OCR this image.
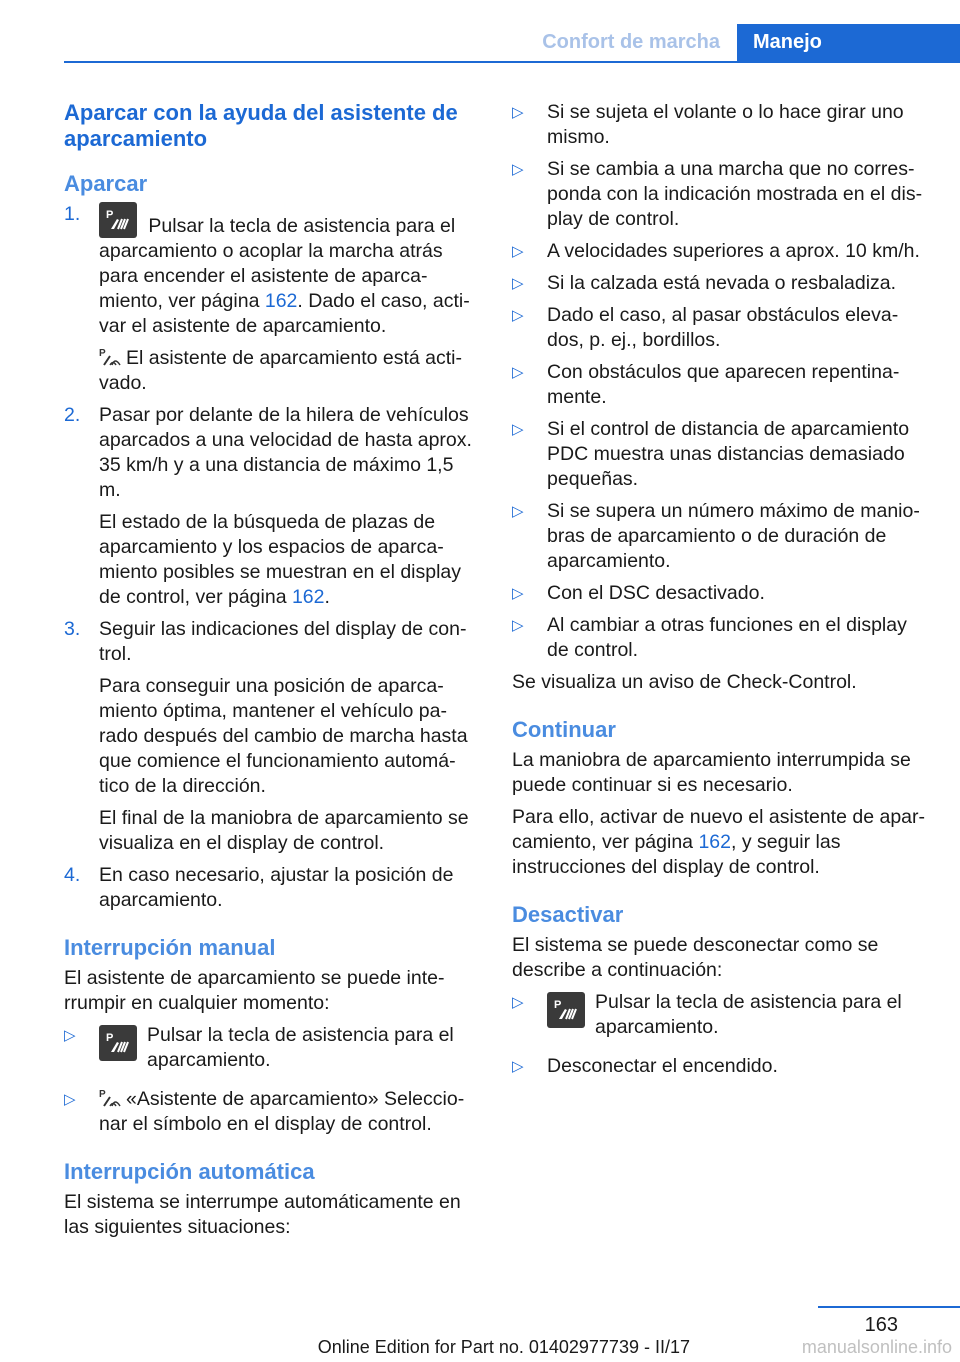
Confort de marcha	Manejo
Aparcar con la ayuda del asistente de aparcamiento
Aparcar
1. P Pulsar la tecla de asistencia para el aparcamiento o acoplar la marcha atrás para encender el asistente de aparca‐miento, ver página 162. Dado el caso, acti‐var el asistente de aparcamiento.

P El asistente de aparcamiento está acti‐vado.

2. Pasar por delante de la hilera de vehículos aparcados a una velocidad de hasta aprox. 35 km/h y a una distancia de máximo 1,5 m.

El estado de la búsqueda de plazas de aparcamiento y los espacios de aparca‐miento posibles se muestran en el display de control, ver página 162.

3. Seguir las indicaciones del display de con‐trol.

Para conseguir una posición de aparca‐miento óptima, mantener el vehículo pa‐rado después del cambio de marcha hasta que comience el funcionamiento automá‐tico de la dirección.

El final de la maniobra de aparcamiento se visualiza en el display de control.

4. En caso necesario, ajustar la posición de aparcamiento.

Interrupción manual

El asistente de aparcamiento se puede inte‐rrumpir en cualquier momento:

▷	P	Pulsar la tecla de asistencia para el aparcamiento.

▷ P «Asistente de aparcamiento» Seleccio‐nar el símbolo en el display de control.

Interrupción automática

El sistema se interrumpe automáticamente en las siguientes situaciones:

▷ Si se sujeta el volante o lo hace girar uno mismo.

▷ Si se cambia a una marcha que no corres‐ponda con la indicación mostrada en el dis‐play de control.

▷ A velocidades superiores a aprox. 10 km/h.

▷ Si la calzada está nevada o resbaladiza.

▷ Dado el caso, al pasar obstáculos eleva‐dos, p. ej., bordillos.

▷ Con obstáculos que aparecen repentina‐mente.

▷ Si el control de distancia de aparcamiento PDC muestra unas distancias demasiado pequeñas.

▷ Si se supera un número máximo de manio‐bras de aparcamiento o de duración de aparcamiento.

▷ Con el DSC desactivado.

▷ Al cambiar a otras funciones en el display de control.

Se visualiza un aviso de Check-Control.

Continuar

La maniobra de aparcamiento interrumpida se puede continuar si es necesario.

Para ello, activar de nuevo el asistente de apar‐camiento, ver página 162, y seguir las instrucciones del display de control.

Desactivar

El sistema se puede desconectar como se describe a continuación:

▷	P	Pulsar la tecla de asistencia para el aparcamiento.

▷ Desconectar el encendido.

163
Online Edition for Part no. 01402977739 - II/17	manualsonline.info
